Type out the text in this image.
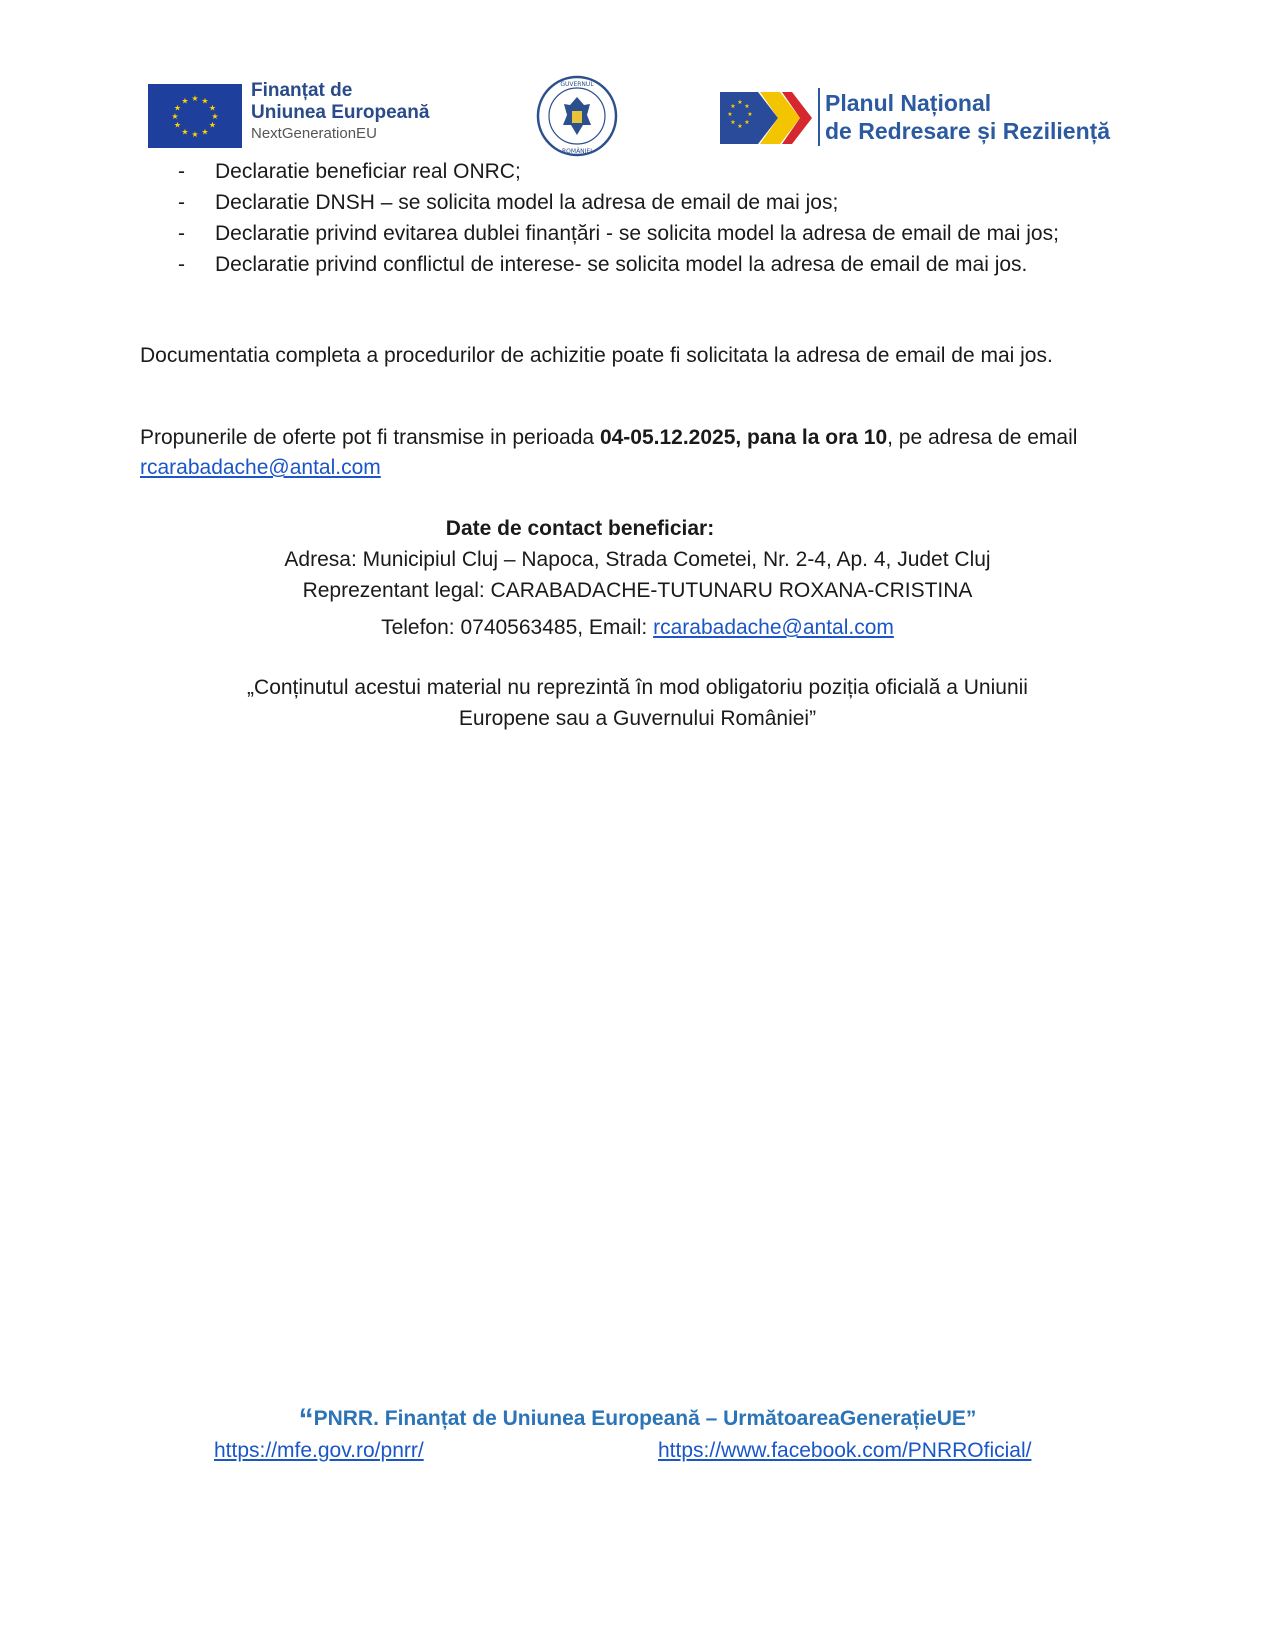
★ ★
★
★
★
★
★
★
★
★
★
★	Finanțat de
Uniunea Europeană
NextGenerationEU
GUVERNUL
ROMÂNIEI
★
★
★
★
★
★
★
★	Planul Național
de Redresare și Reziliență
- Declaratie beneficiar real ONRC;
- Declaratie DNSH – se solicita model la adresa de email de mai jos;
- Declaratie privind evitarea dublei finanțări - se solicita model la adresa de email de mai jos;
- Declaratie privind conflictul de interese- se solicita model la adresa de email de mai jos.
Documentatia completa a procedurilor de achizitie poate fi solicitata la adresa de email de mai jos.
Propunerile de oferte pot fi transmise in perioada 04-05.12.2025, pana la ora 10, pe adresa de email
rcarabadache@antal.com
Date de contact beneficiar:
Adresa: Municipiul Cluj – Napoca, Strada Cometei, Nr. 2-4, Ap. 4, Judet Cluj
Reprezentant legal: CARABADACHE-TUTUNARU ROXANA-CRISTINA
Telefon: 0740563485, Email: rcarabadache@antal.com
„Conținutul acestui material nu reprezintă în mod obligatoriu poziția oficială a Uniunii
Europene sau a Guvernului României”
“PNRR. Finanțat de Uniunea Europeană – UrmătoareaGenerațieUE”
https://mfe.gov.ro/pnrr/	https://www.facebook.com/PNRROficial/
